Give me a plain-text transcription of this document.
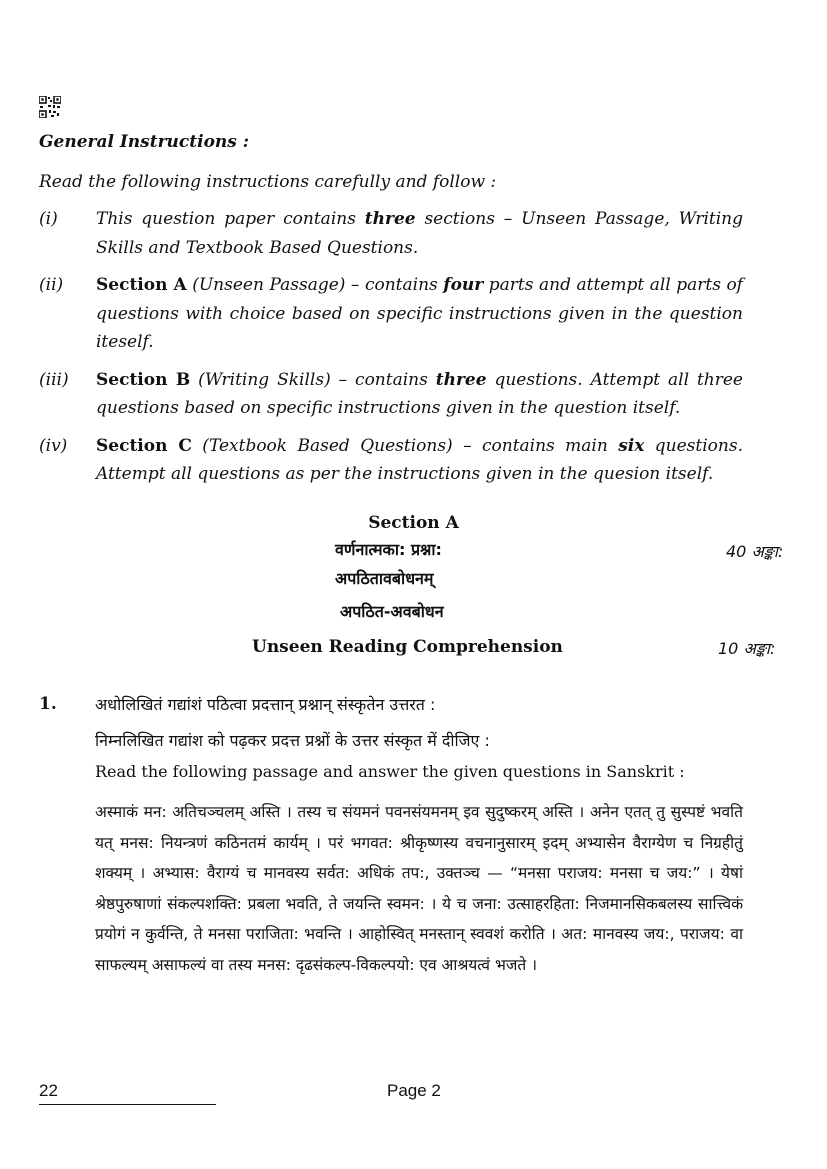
General Instructions :
Read the following instructions carefully and follow :
(i)	This question paper contains three sections – Unseen Passage, Writing Skills and Textbook Based Questions.
(ii)	Section A (Unseen Passage) – contains four parts and attempt all parts of questions with choice based on specific instructions given in the question iteself.
(iii)	Section B (Writing Skills) – contains three questions. Attempt all three questions based on specific instructions given in the question itself.
(iv)	Section C (Textbook Based Questions) – contains main six questions. Attempt all questions as per the instructions given in the quesion itself.
Section A
वर्णनात्मका: प्रश्ना:	40 अङ्का:
अपठितावबोधनम्
अपठित-अवबोधन
Unseen Reading Comprehension	10 अङ्का:
1. अधोलिखितं गद्यांशं पठित्वा प्रदत्तान् प्रश्नान् संस्कृतेन उत्तरत :
निम्नलिखित गद्यांश को पढ़कर प्रदत्त प्रश्नों के उत्तर संस्कृत में दीजिए :
Read the following passage and answer the given questions in Sanskrit :
अस्माकं मन: अतिचञ्चलम् अस्ति । तस्य च संयमनं पवनसंयमनम् इव सुदुष्करम् अस्ति । अनेन एतत् तु सुस्पष्टं भवति यत् मनस: नियन्त्रणं कठिनतमं कार्यम् । परं भगवत: श्रीकृष्णस्य वचनानुसारम् इदम् अभ्यासेन वैराग्येण च निग्रहीतुं शक्यम् । अभ्यास: वैराग्यं च मानवस्य सर्वत: अधिकं तप:, उक्तञ्च — “मनसा पराजय: मनसा च जय:” । येषां श्रेष्ठपुरुषाणां संकल्पशक्ति: प्रबला भवति, ते जयन्ति स्वमन: । ये च जना: उत्साहरहिता: निजमानसिकबलस्य सात्त्विकं प्रयोगं न कुर्वन्ति, ते मनसा पराजिता: भवन्ति । आहोस्वित् मनस्तान् स्ववशं करोति । अत: मानवस्य जय:, पराजय: वा साफल्यम् असाफल्यं वा तस्य मनस: दृढसंकल्प-विकल्पयो: एव आश्रयत्वं भजते ।
22	Page 2
